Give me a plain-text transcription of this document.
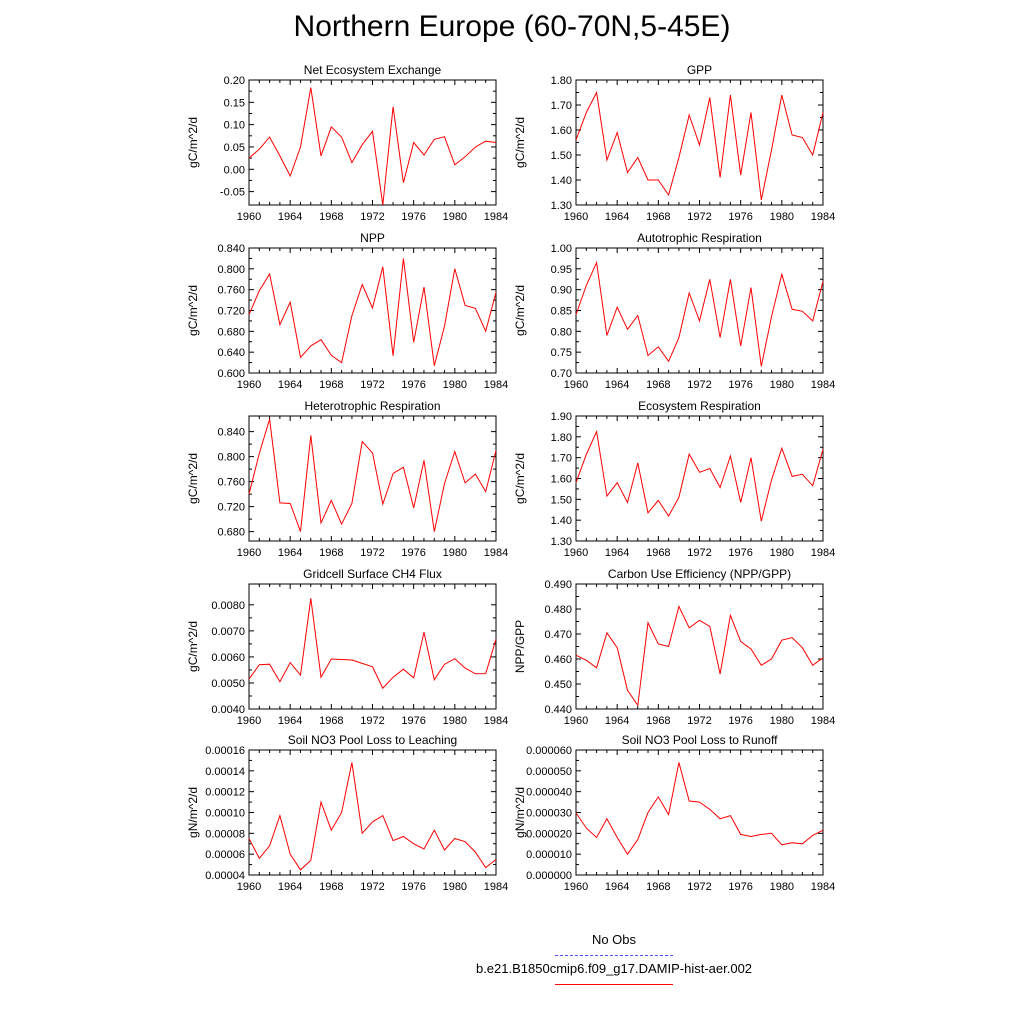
Northern Europe (60-70N,5-45E)
Net Ecosystem Exchange
gC/m^2/d
1960 1964 1968 1972 1976 1980 1984
-0.05
0.00
0.05
0.10
0.15
0.20
GPP
gC/m^2/d
1960 1964 1968 1972 1976 1980 1984
1.30
1.40
1.50
1.60
1.70
1.80
NPP
gC/m^2/d
1960 1964 1968 1972 1976 1980 1984
0.600
0.640
0.680
0.720
0.760
0.800
0.840
Autotrophic Respiration
gC/m^2/d
1960 1964 1968 1972 1976 1980 1984
0.70
0.75
0.80
0.85
0.90
0.95
1.00
Heterotrophic Respiration
gC/m^2/d
1960 1964 1968 1972 1976 1980 1984
0.680
0.720
0.760
0.800
0.840
Ecosystem Respiration
gC/m^2/d
1960 1964 1968 1972 1976 1980 1984
1.30
1.40
1.50
1.60
1.70
1.80
1.90
Gridcell Surface CH4 Flux
gC/m^2/d
1960 1964 1968 1972 1976 1980 1984
0.0040
0.0050
0.0060
0.0070
0.0080
Carbon Use Efficiency (NPP/GPP)
NPP/GPP
1960 1964 1968 1972 1976 1980 1984
0.440
0.450
0.460
0.470
0.480
0.490
Soil NO3 Pool Loss to Leaching
gN/m^2/d
1960 1964 1968 1972 1976 1980 1984
0.00004
0.00006
0.00008
0.00010
0.00012
0.00014
0.00016
Soil NO3 Pool Loss to Runoff
gN/m^2/d
1960 1964 1968 1972 1976 1980 1984
0.000000
0.000010
0.000020
0.000030
0.000040
0.000050
0.000060
No Obs
b.e21.B1850cmip6.f09_g17.DAMIP-hist-aer.002
